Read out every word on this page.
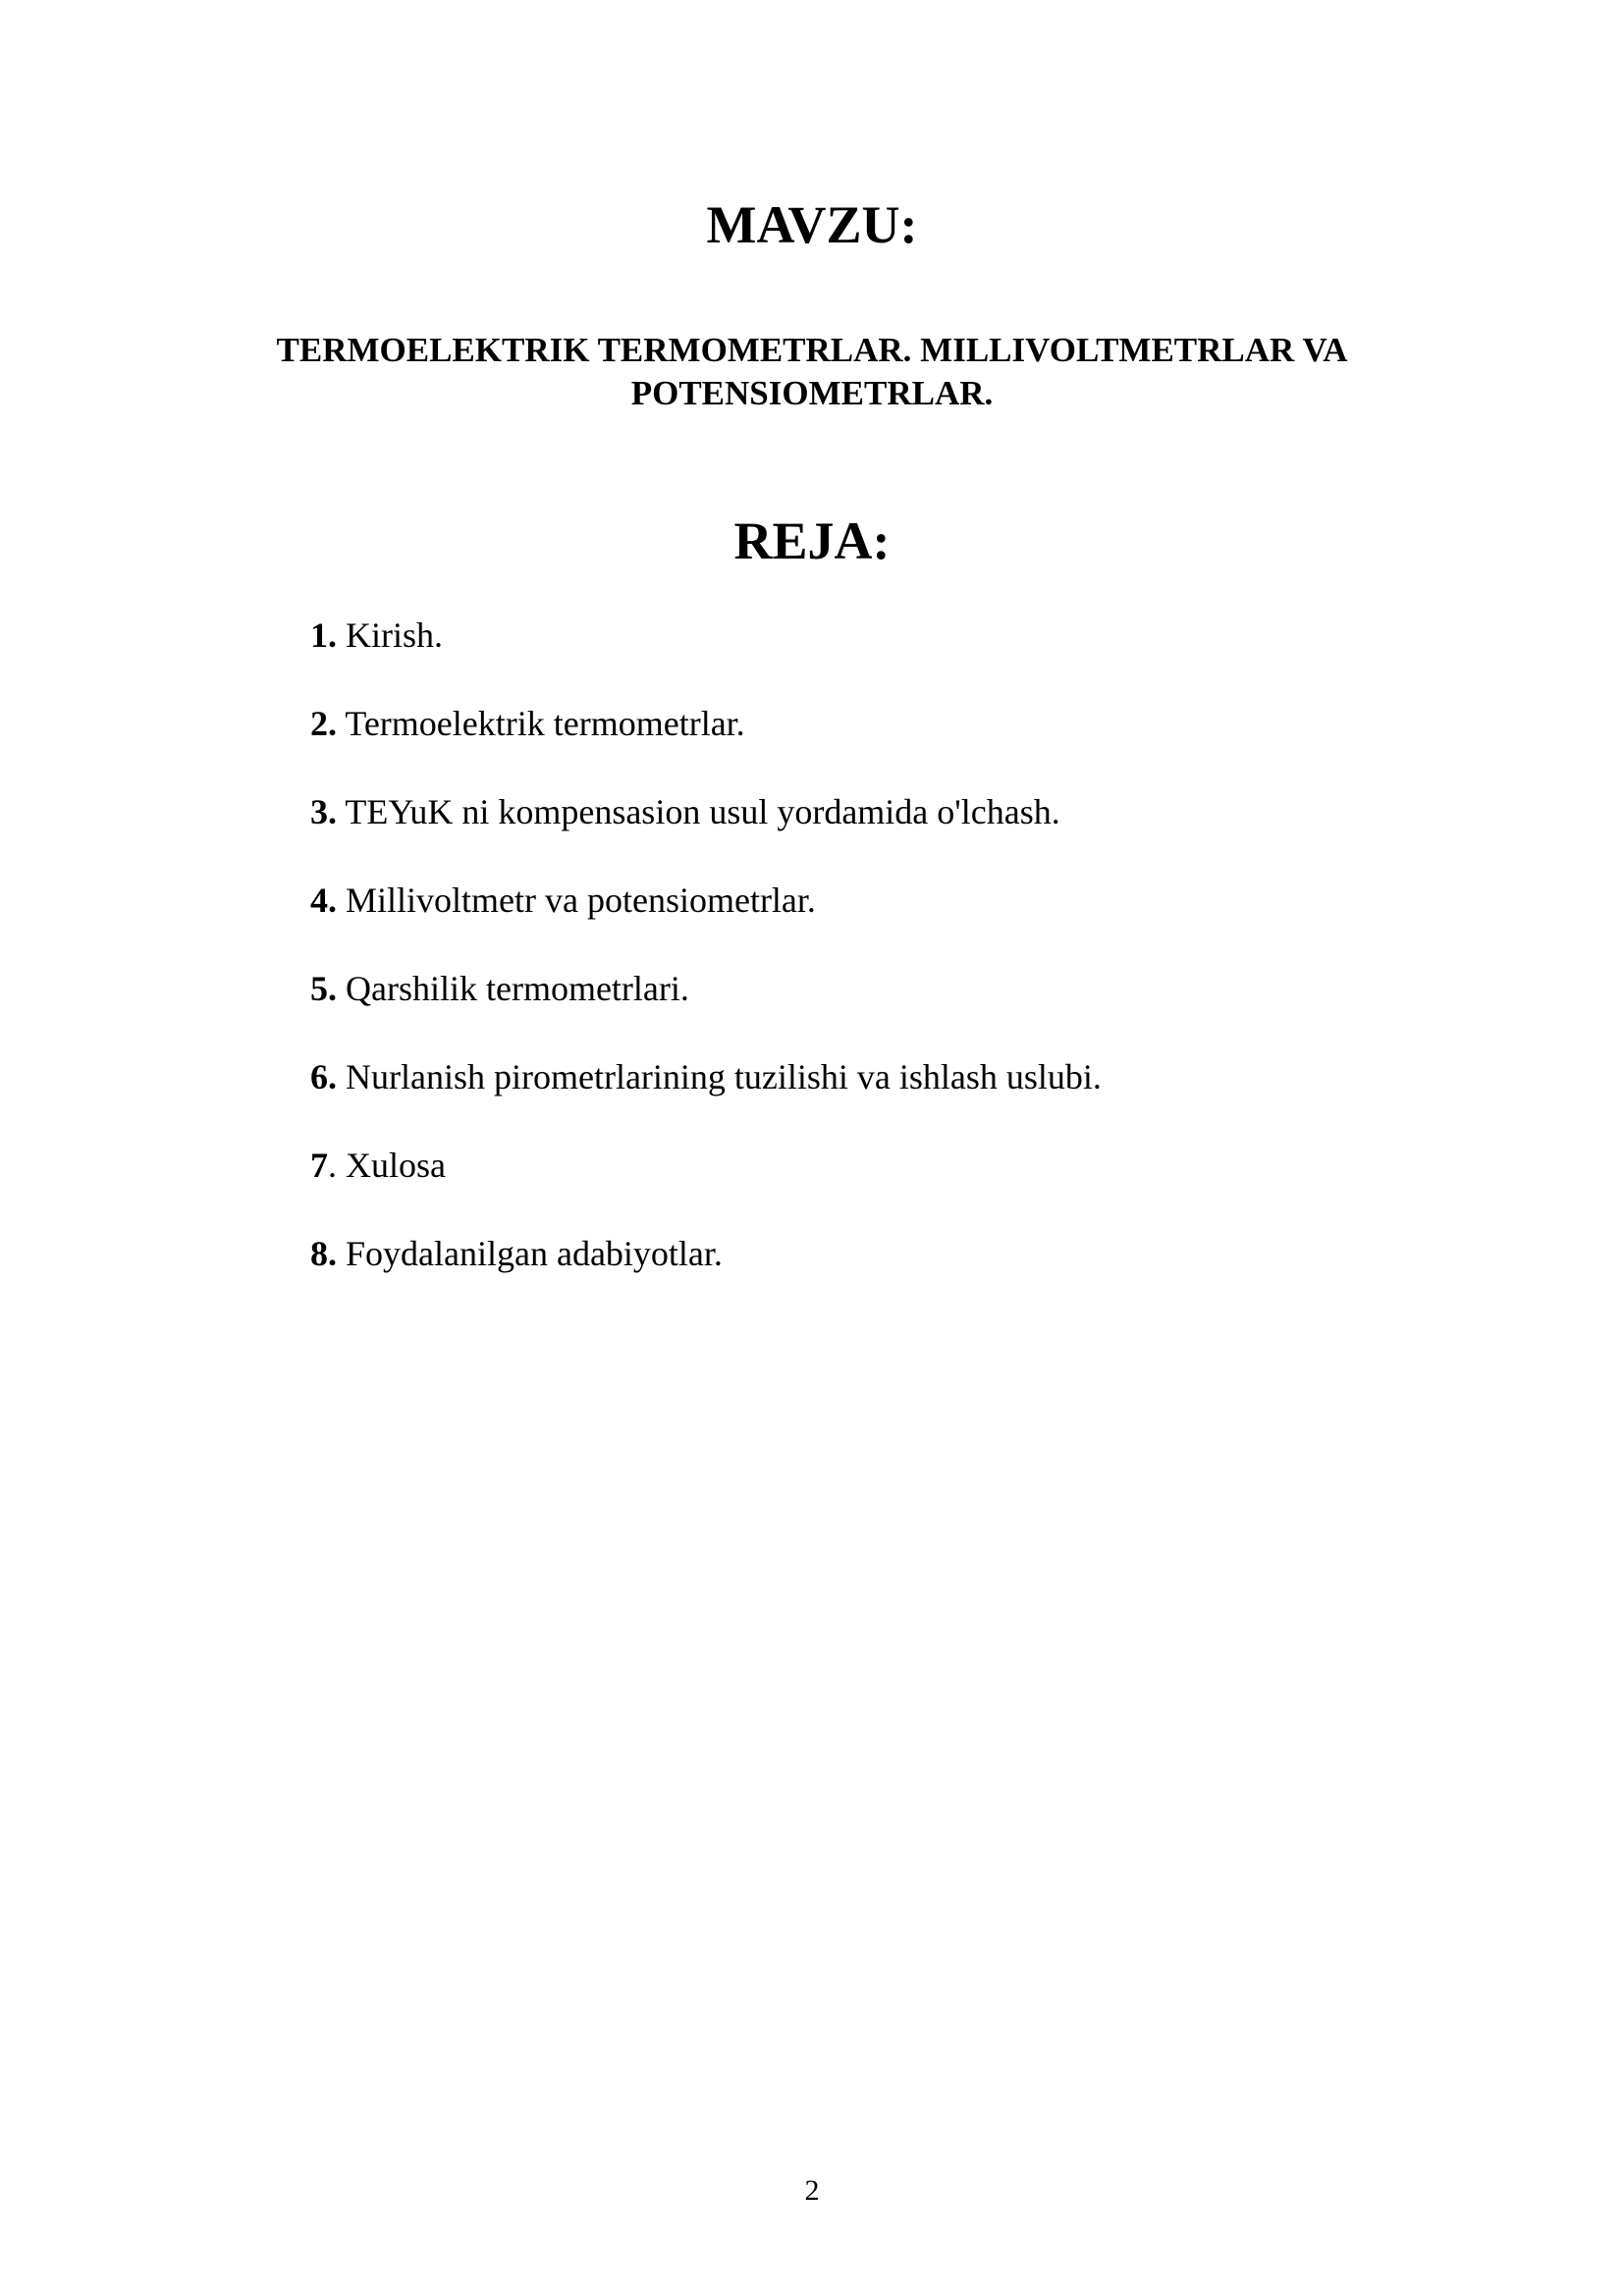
MAVZU:
TERMOELEKTRIK TERMOMETRLAR. MILLIVOLTMETRLAR VA
POTENSIOMETRLAR.
REJA:
1. Kirish.
2. Termoelektrik termometrlar.
3. TEYuK ni kompensasion usul yordamida o'lchash.
4. Millivoltmetr va potensiometrlar.
5. Qarshilik termometrlari.
6. Nurlanish pirometrlarining tuzilishi va ishlash uslubi.
7. Xulosa
8. Foydalanilgan adabiyotlar.
2
